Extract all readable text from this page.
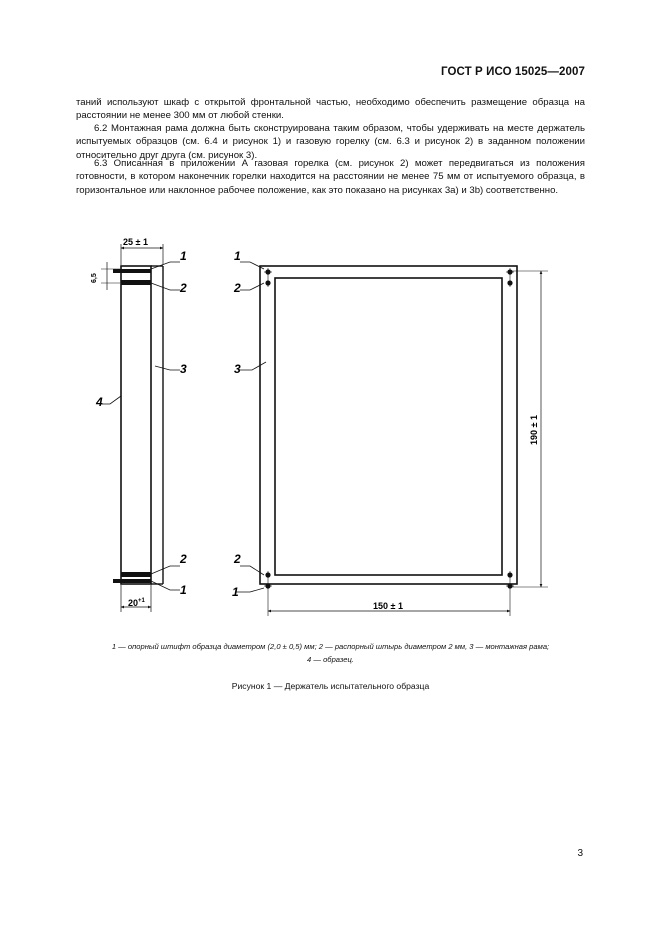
ГОСТ Р ИСО 15025—2007

таний используют шкаф с открытой фронтальной частью, необходимо обеспечить размещение образца на расстоянии не менее 300 мм от любой стенки.

6.2 Монтажная рама должна быть сконструирована таким образом, чтобы удерживать на месте держатель испытуемых образцов (см. 6.4 и рисунок 1) и газовую горелку (см. 6.3 и рисунок 2) в заданном положении относительно друг друга (см. рисунок 3).

6.3 Описанная в приложении А газовая горелка (см. рисунок 2) может передвигаться из положения готовности, в котором наконечник горелки находится на расстоянии не менее 75 мм от испытуемого образца, в горизонтальное или наклонное рабочее положение, как это показано на рисунках 3а) и 3b) соответственно.

25 ± 1
6,5
$20^{+1}$
1
2
3
4
2
1
190 ± 1
150 ± 1
1
2
3
2
1
1 — опорный штифт образца диаметром (2,0 ± 0,5) мм; 2 — распорный штырь диаметром 2 мм, 3 — монтажная рама;
4 — образец.
Рисунок 1 — Держатель испытательного образца
3
